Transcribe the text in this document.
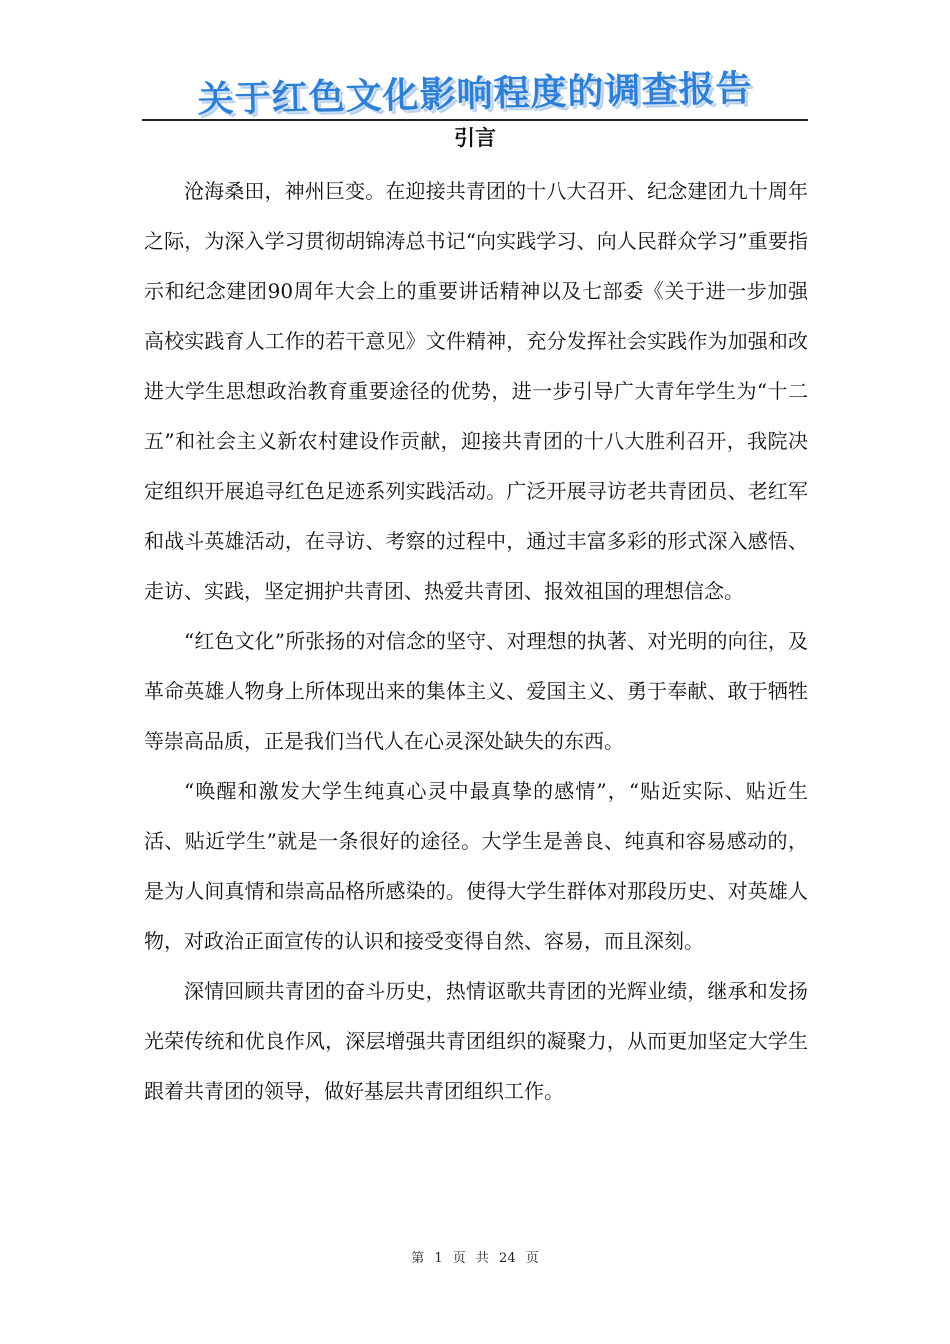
关于红色文化影响程度的调查报告
引言

沧海桑田，神州巨变。在迎接共青团的十八大召开、纪念建团九十周年之际，为深入学习贯彻胡锦涛总书记“向实践学习、向人民群众学习”重要指示和纪念建团90周年大会上的重要讲话精神以及七部委《关于进一步加强高校实践育人工作的若干意见》文件精神，充分发挥社会实践作为加强和改进大学生思想政治教育重要途径的优势，进一步引导广大青年学生为“十二五”和社会主义新农村建设作贡献，迎接共青团的十八大胜利召开，我院决定组织开展追寻红色足迹系列实践活动。广泛开展寻访老共青团员、老红军和战斗英雄活动，在寻访、考察的过程中，通过丰富多彩的形式深入感悟、走访、实践，坚定拥护共青团、热爱共青团、报效祖国的理想信念。

“红色文化”所张扬的对信念的坚守、对理想的执著、对光明的向往，及革命英雄人物身上所体现出来的集体主义、爱国主义、勇于奉献、敢于牺牲等崇高品质，正是我们当代人在心灵深处缺失的东西。

“唤醒和激发大学生纯真心灵中最真挚的感情”，“贴近实际、贴近生活、贴近学生”就是一条很好的途径。大学生是善良、纯真和容易感动的，是为人间真情和崇高品格所感染的。使得大学生群体对那段历史、对英雄人物，对政治正面宣传的认识和接受变得自然、容易，而且深刻。

深情回顾共青团的奋斗历史，热情讴歌共青团的光辉业绩，继承和发扬光荣传统和优良作风，深层增强共青团组织的凝聚力，从而更加坚定大学生跟着共青团的领导，做好基层共青团组织工作。

第 1 页 共 24 页
